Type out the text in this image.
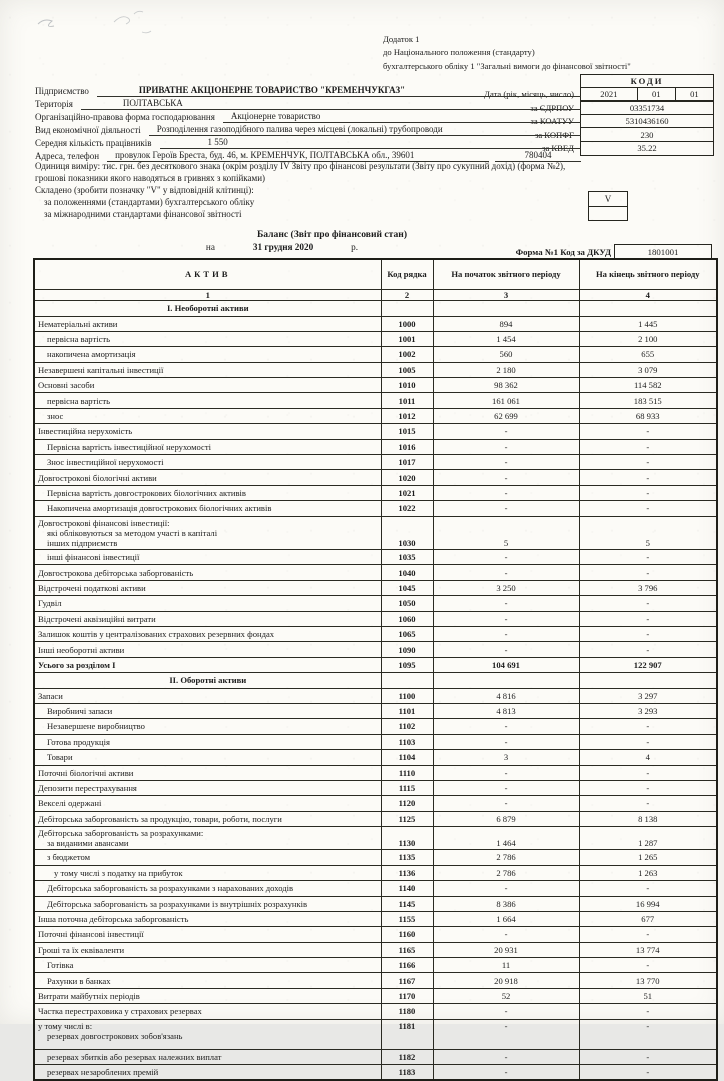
Додаток 1
до Національного положення (стандарту)
бухгалтерського обліку 1 "Загальні вимоги до фінансової звітності"
КОДИ
Дата (рік, місяць, число)	2021	01	01
за ЄДРПОУ	03351734
за КОАТУУ	5310436160
за КОПФГ	230
за КВЕД	35.22
Підприємство	ПРИВАТНЕ АКЦІОНЕРНЕ ТОВАРИСТВО "КРЕМЕНЧУКГАЗ"
Територія	ПОЛТАВСЬКА
Організаційно-правова форма господарювання	Акціонерне товариство
Вид економічної діяльності	Розподілення газоподібного палива через місцеві (локальні) трубопроводи
Середня кількість працівників	1 550
Адреса, телефон	провулок Героїв Бреста, буд. 46, м. КРЕМЕНЧУК, ПОЛТАВСЬКА обл., 39601	780404
Одиниця виміру: тис. грн. без десяткового знака (окрім розділу IV Звіту про фінансові результати (Звіту про сукупний дохід) (форма №2), грошові показники якого наводяться в гривнях з копійками)
Складено (зробити позначку "V" у відповідній клітинці):
за положеннями (стандартами) бухгалтерського обліку
за міжнародними стандартами фінансової звітності
V
Баланс (Звіт про фінансовий стан)
на	31 грудня 2020	р.	Форма №1 Код за ДКУД	1801001
АКТИВ	Код рядка	На початок звітного періоду	На кінець звітного періоду
1	2	3	4
І. Необоротні активи			
Нематеріальні активи	1000	894	1 445
первісна вартість	1001	1 454	2 100
накопичена амортизація	1002	560	655
Незавершені капітальні інвестиції	1005	2 180	3 079
Основні засоби	1010	98 362	114 582
первісна вартість	1011	161 061	183 515
знос	1012	62 699	68 933
Інвестиційна нерухомість	1015	-	-
Первісна вартість інвестиційної нерухомості	1016	-	-
Знос інвестиційної нерухомості	1017	-	-
Довгострокові біологічні активи	1020	-	-
Первісна вартість довгострокових біологічних активів	1021	-	-
Накопичена амортизація довгострокових біологічних активів	1022	-	-

Довгострокові фінансові інвестиції:
які обліковуються за методом участі в капіталі
інших підприємств	1030	5	5
інші фінансові інвестиції	1035	-	-
Довгострокова дебіторська заборгованість	1040	-	-
Відстрочені податкові активи	1045	3 250	3 796
Гудвіл	1050	-	-
Відстрочені аквізиційні витрати	1060	-	-
Залишок коштів у централізованих страхових резервних фондах	1065	-	-
Інші необоротні активи	1090	-	-
Усього за розділом I	1095	104 691	122 907
ІІ. Оборотні активи			
Запаси	1100	4 816	3 297
Виробничі запаси	1101	4 813	3 293
Незавершене виробництво	1102	-	-
Готова продукція	1103	-	-
Товари	1104	3	4
Поточні біологічні активи	1110	-	-
Депозити перестрахування	1115	-	-
Векселі одержані	1120	-	-
Дебіторська заборгованість за продукцію, товари, роботи, послуги	1125	6 879	8 138

Дебіторська заборгованість за розрахунками:
за виданими авансами	1130	1 464	1 287
з бюджетом	1135	2 786	1 265
у тому числі з податку на прибуток	1136	2 786	1 263
Дебіторська заборгованість за розрахунками з нарахованих доходів	1140	-	-
Дебіторська заборгованість за розрахунками із внутрішніх розрахунків	1145	8 386	16 994
Інша поточна дебіторська заборгованість	1155	1 664	677
Поточні фінансові інвестиції	1160	-	-
Гроші та їх еквіваленти	1165	20 931	13 774
Готівка	1166	11	-
Рахунки в банках	1167	20 918	13 770
Витрати майбутніх періодів	1170	52	51
Частка перестраховика у страхових резервах	1180	-	-

у тому числі в:
резервах довгострокових зобов'язань	1181	-	-
резервах збитків або резервах належних виплат	1182	-	-
резервах незароблених премій	1183	-	-
